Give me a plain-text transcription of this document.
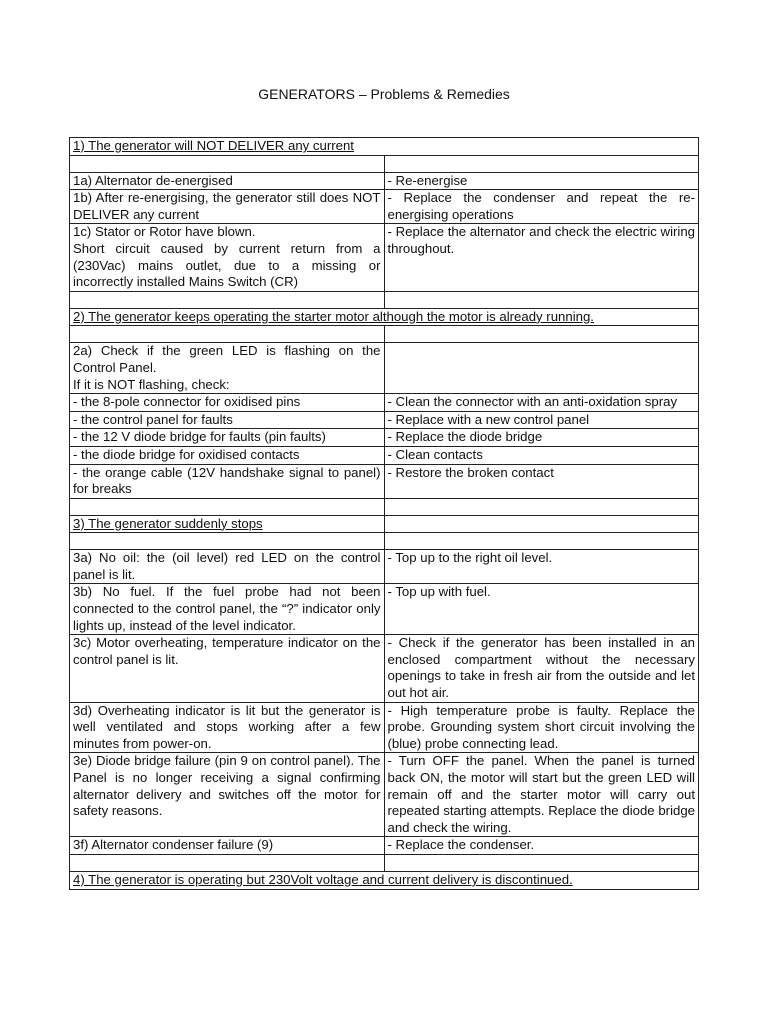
GENERATORS – Problems & Remedies
1) The generator will NOT DELIVER any current	

1a) Alternator de-energised	- Re-energise
1b) After re-energising, the generator still does NOT DELIVER any current	- Replace the condenser and repeat the re-energising operations
1c) Stator or Rotor have blown.
Short circuit caused by current return from a (230Vac) mains outlet, due to a missing or incorrectly installed Mains Switch (CR)	- Replace the alternator and check the electric wiring throughout.

2) The generator keeps operating the starter motor although the motor is already running.	

2a) Check if the green LED is flashing on the Control Panel.
If it is NOT flashing, check:	
- the 8-pole connector for oxidised pins	- Clean the connector with an anti-oxidation spray
- the control panel for faults	- Replace with a new control panel
- the 12 V diode bridge for faults (pin faults)	- Replace the diode bridge
- the diode bridge for oxidised contacts	- Clean contacts
- the orange cable (12V handshake signal to panel) for breaks	- Restore the broken contact

3) The generator suddenly stops	

3a) No oil: the (oil level) red LED on the control panel is lit.	- Top up to the right oil level.
3b) No fuel. If the fuel probe had not been connected to the control panel, the “?” indicator only lights up, instead of the level indicator.	- Top up with fuel.
3c) Motor overheating, temperature indicator on the control panel is lit.	- Check if the generator has been installed in an enclosed compartment without the necessary openings to take in fresh air from the outside and let out hot air.
3d) Overheating indicator is lit but the generator is well ventilated and stops working after a few minutes from power-on.	- High temperature probe is faulty. Replace the probe. Grounding system short circuit involving the (blue) probe connecting lead.
3e) Diode bridge failure (pin 9 on control panel). The Panel is no longer receiving a signal confirming alternator delivery and switches off the motor for safety reasons.	- Turn OFF the panel. When the panel is turned back ON, the motor will start but the green LED will remain off and the starter motor will carry out repeated starting attempts. Replace the diode bridge and check the wiring.
3f) Alternator condenser failure (9)	- Replace the condenser.

4) The generator is operating but 230Volt voltage and current delivery is discontinued.	
